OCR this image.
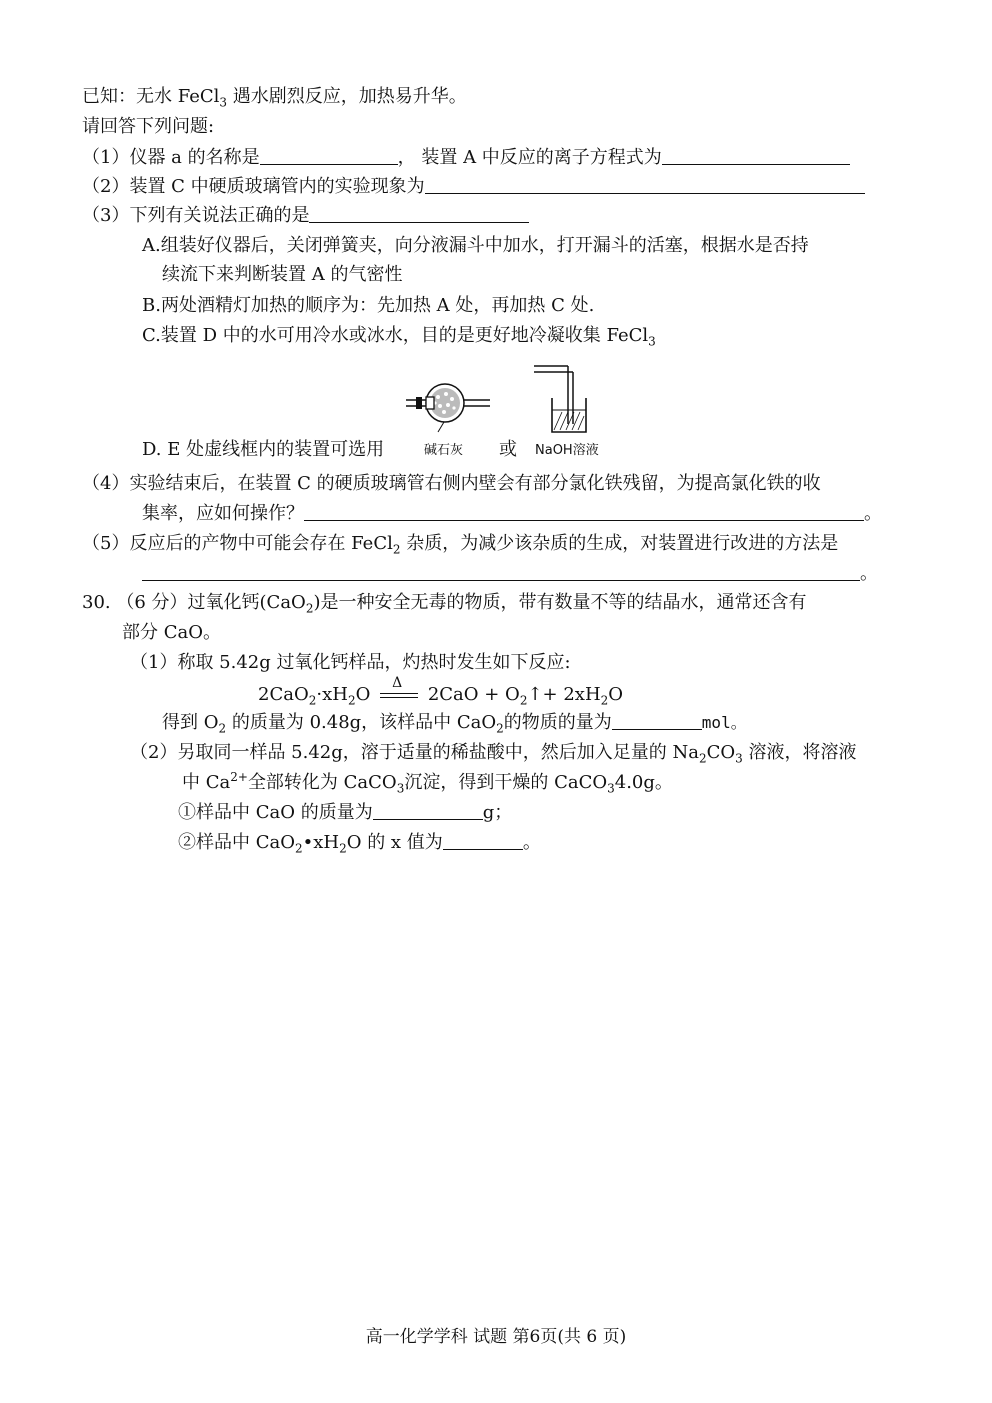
已知：无水 FeCl$_3$ 遇水剧烈反应，加热易升华。
请回答下列问题:
（1）仪器 a 的名称是	， 装置 A 中反应的离子方程式为
（2）装置 C 中硬质玻璃管内的实验现象为
（3）下列有关说法正确的是
A.组装好仪器后，关闭弹簧夹，向分液漏斗中加水，打开漏斗的活塞，根据水是否持
续流下来判断装置 A 的气密性
B.两处酒精灯加热的顺序为：先加热 A 处，再加热 C 处.
C.装置 D 中的水可用冷水或冰水，目的是更好地冷凝收集 FeCl$_3$
D. E 处虚线框内的装置可选用	碱石灰 或 NaOH溶液
（4）实验结束后，在装置 C 的硬质玻璃管右侧内壁会有部分氯化铁残留，为提高氯化铁的收
集率，应如何操作？	。
（5）反应后的产物中可能会存在 FeCl$_2$ 杂质，为减少该杂质的生成，对装置进行改进的方法是
。
30. （6 分）过氧化钙(CaO$_2$)是一种安全无毒的物质，带有数量不等的结晶水，通常还含有
部分 CaO。
（1）称取 5.42g 过氧化钙样品，灼热时发生如下反应:
$2CaO_2\cdot xH_2O$
Δ
$2CaO + O_2↑+ 2xH_2O$
得到 $O_2$ 的质量为 0.48g，该样品中 CaO$_2$的物质的量为	mol。
（2）另取同一样品 5.42g，溶于适量的稀盐酸中，然后加入足量的 $Na_2CO_3$ 溶液，将溶液
中 $Ca^{2+}$全部转化为 CaCO$_3$沉淀，得到干燥的 CaCO$_3$4.0g。
①样品中 CaO 的质量为	g；
②样品中 $CaO_2•xH_2O$ 的 x 值为	。
高一化学学科 试题 第6页(共 6 页)
